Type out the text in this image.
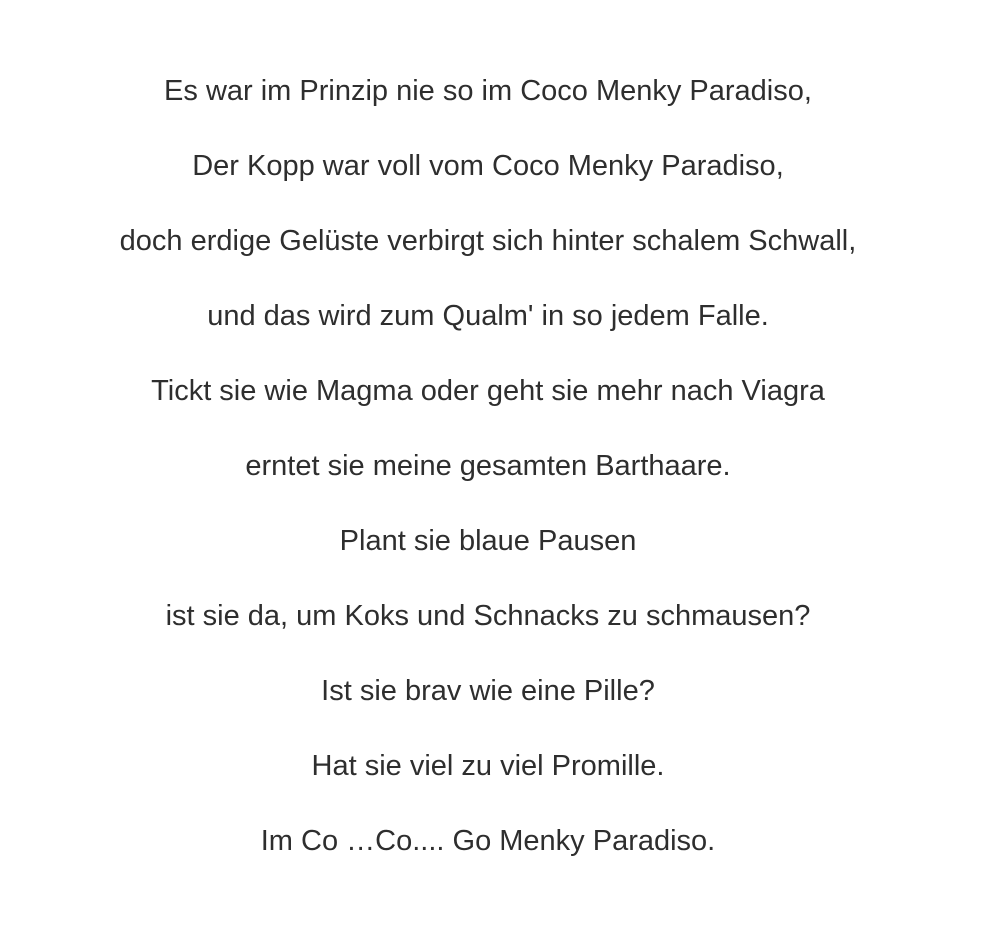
Es war im Prinzip nie so im Coco Menky Paradiso,
Der Kopp war voll vom Coco Menky Paradiso,
doch erdige Gelüste verbirgt sich hinter schalem Schwall,
und das wird zum Qualm' in so jedem Falle.
Tickt sie wie Magma oder geht sie mehr nach Viagra
erntet sie meine gesamten Barthaare.
Plant sie blaue Pausen
ist sie da, um Koks und Schnacks zu schmausen?
Ist sie brav wie eine Pille?
Hat sie viel zu viel Promille.
Im Co …Co.... Go Menky Paradiso.
